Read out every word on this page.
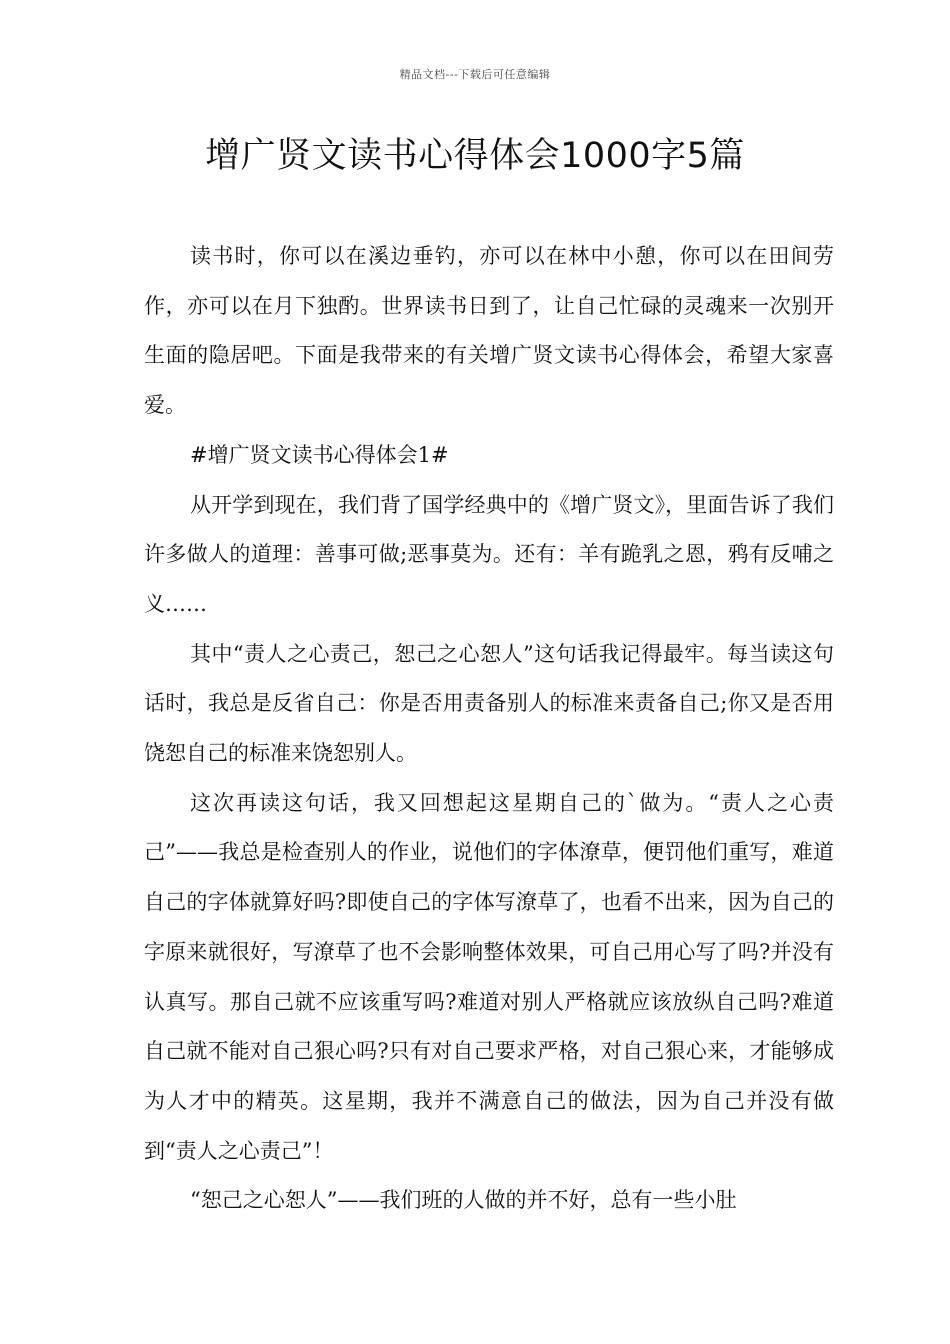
精品文档---下载后可任意编辑
增广贤文读书心得体会1000字5篇

读书时，你可以在溪边垂钓，亦可以在林中小憩，你可以在田间劳作，亦可以在月下独酌。世界读书日到了，让自己忙碌的灵魂来一次别开生面的隐居吧。下面是我带来的有关增广贤文读书心得体会，希望大家喜爱。

#增广贤文读书心得体会1#

从开学到现在，我们背了国学经典中的《增广贤文》，里面告诉了我们许多做人的道理：善事可做;恶事莫为。还有：羊有跪乳之恩，鸦有反哺之义……

其中“责人之心责己，恕己之心恕人”这句话我记得最牢。每当读这句话时，我总是反省自己：你是否用责备别人的标准来责备自己;你又是否用饶恕自己的标准来饶恕别人。

这次再读这句话，我又回想起这星期自己的`做为。“责人之心责己”——我总是检查别人的作业，说他们的字体潦草，便罚他们重写，难道自己的字体就算好吗?即使自己的字体写潦草了，也看不出来，因为自己的字原来就很好，写潦草了也不会影响整体效果，可自己用心写了吗?并没有认真写。那自己就不应该重写吗?难道对别人严格就应该放纵自己吗?难道自己就不能对自己狠心吗?只有对自己要求严格，对自己狠心来，才能够成为人才中的精英。这星期，我并不满意自己的做法，因为自己并没有做到“责人之心责己”！

“恕己之心恕人”——我们班的人做的并不好，总有一些小肚
